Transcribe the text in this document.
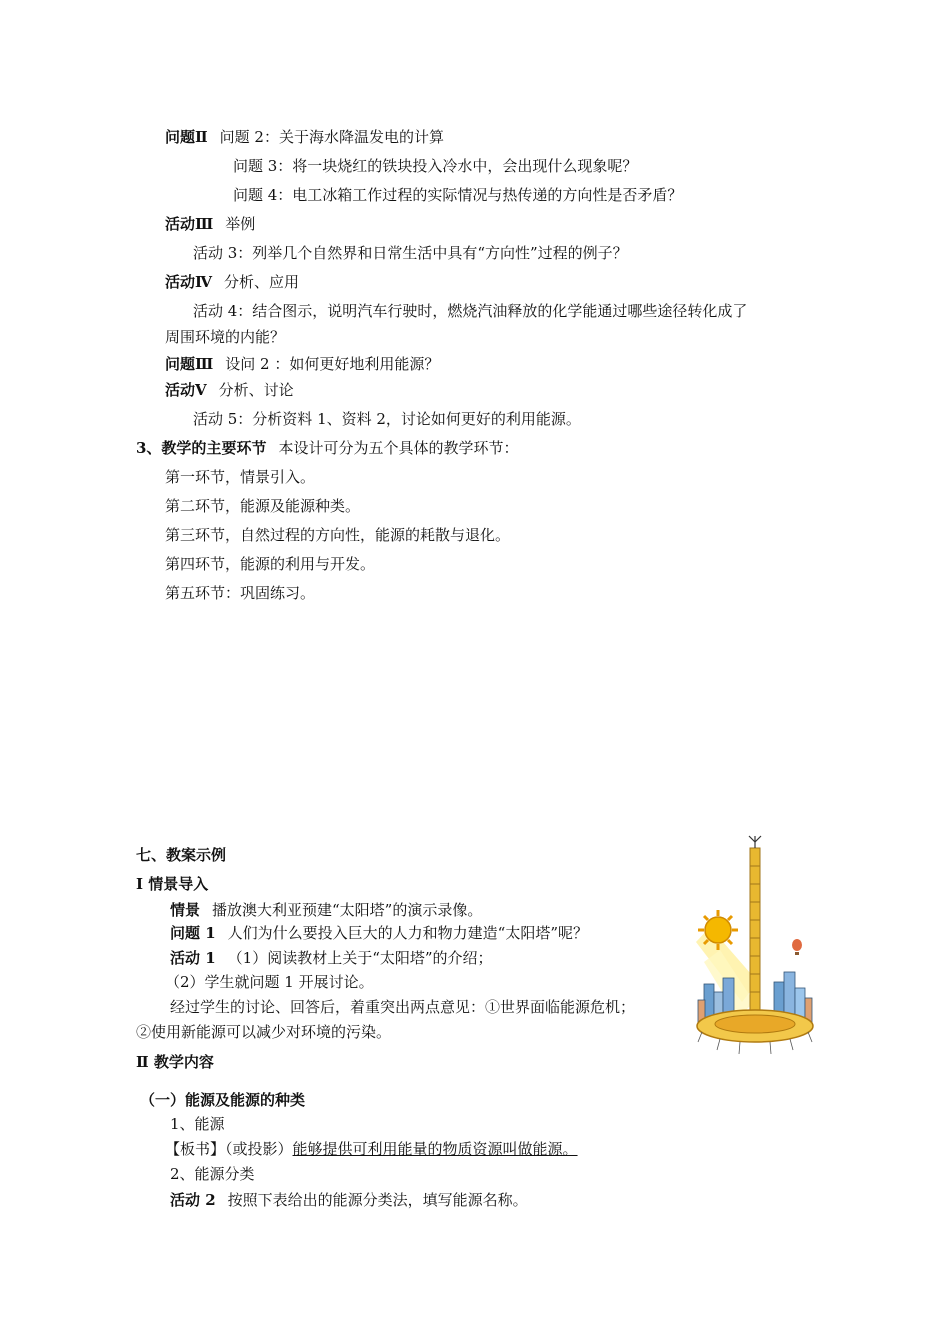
问题Ⅱ 问题 2：关于海水降温发电的计算
问题 3：将一块烧红的铁块投入冷水中，会出现什么现象呢？
问题 4：电工冰箱工作过程的实际情况与热传递的方向性是否矛盾？
活动Ⅲ 举例
活动 3：列举几个自然界和日常生活中具有“方向性”过程的例子？
活动Ⅳ 分析、应用
活动 4：结合图示，说明汽车行驶时，燃烧汽油释放的化学能通过哪些途径转化成了
周围环境的内能？
问题Ⅲ 设问 2 ：如何更好地利用能源？
活动Ⅴ 分析、讨论
活动 5：分析资料 1、资料 2，讨论如何更好的利用能源。
3、教学的主要环节 本设计可分为五个具体的教学环节：
第一环节，情景引入。
第二环节，能源及能源种类。
第三环节，自然过程的方向性，能源的耗散与退化。
第四环节，能源的利用与开发。
第五环节：巩固练习。
七、教案示例
Ⅰ 情景导入
情景 播放澳大利亚预建“太阳塔”的演示录像。
问题 1 人们为什么要投入巨大的人力和物力建造“太阳塔”呢？
活动 1 （1）阅读教材上关于“太阳塔”的介绍；
（2）学生就问题 1 开展讨论。
经过学生的讨论、回答后，着重突出两点意见：①世界面临能源危机；
②使用新能源可以减少对环境的污染。
Ⅱ 教学内容
（一）能源及能源的种类
1、能源
【板书】（或投影）能够提供可利用能量的物质资源叫做能源。
2、能源分类
活动 2 按照下表给出的能源分类法，填写能源名称。
